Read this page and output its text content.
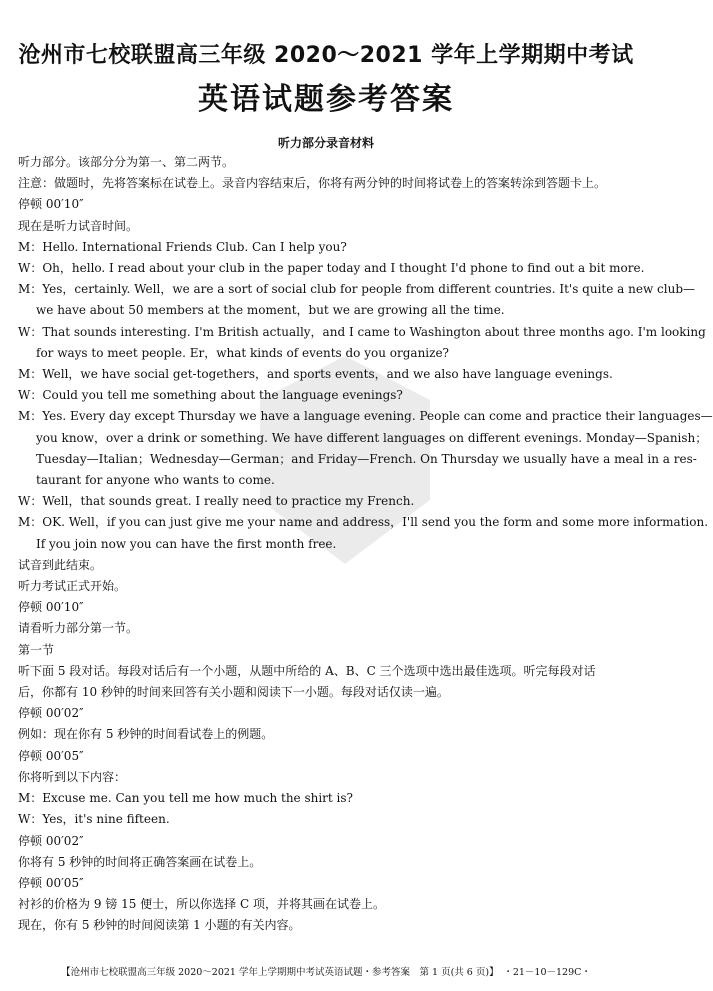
沧州市七校联盟高三年级 2020～2021 学年上学期期中考试
英语试题参考答案
听力部分录音材料
听力部分。该部分分为第一、第二两节。
注意：做题时，先将答案标在试卷上。录音内容结束后，你将有两分钟的时间将试卷上的答案转涂到答题卡上。
停顿 00′10″
现在是听力试音时间。
M：Hello. International Friends Club. Can I help you?
W：Oh，hello. I read about your club in the paper today and I thought I'd phone to find out a bit more.
M：Yes，certainly. Well，we are a sort of social club for people from different countries. It's quite a new club—
we have about 50 members at the moment，but we are growing all the time.
W：That sounds interesting. I'm British actually，and I came to Washington about three months ago. I'm looking
for ways to meet people. Er，what kinds of events do you organize?
M：Well，we have social get-togethers，and sports events，and we also have language evenings.
W：Could you tell me something about the language evenings?
M：Yes. Every day except Thursday we have a language evening. People can come and practice their languages—
you know，over a drink or something. We have different languages on different evenings. Monday—Spanish；
Tuesday—Italian；Wednesday—German；and Friday—French. On Thursday we usually have a meal in a res-
taurant for anyone who wants to come.
W：Well，that sounds great. I really need to practice my French.
M：OK. Well，if you can just give me your name and address，I'll send you the form and some more information.
If you join now you can have the first month free.
试音到此结束。
听力考试正式开始。
停顿 00′10″
请看听力部分第一节。
第一节
听下面 5 段对话。每段对话后有一个小题，从题中所给的 A、B、C 三个选项中选出最佳选项。听完每段对话
后，你都有 10 秒钟的时间来回答有关小题和阅读下一小题。每段对话仅读一遍。
停顿 00′02″
例如：现在你有 5 秒钟的时间看试卷上的例题。
停顿 00′05″
你将听到以下内容：
M：Excuse me. Can you tell me how much the shirt is?
W：Yes，it's nine fifteen.
停顿 00′02″
你将有 5 秒钟的时间将正确答案画在试卷上。
停顿 00′05″
衬衫的价格为 9 镑 15 便士，所以你选择 C 项，并将其画在试卷上。
现在，你有 5 秒钟的时间阅读第 1 小题的有关内容。
【沧州市七校联盟高三年级 2020～2021 学年上学期期中考试英语试题・参考答案　第 1 页(共 6 页)】　・21－10－129C・
